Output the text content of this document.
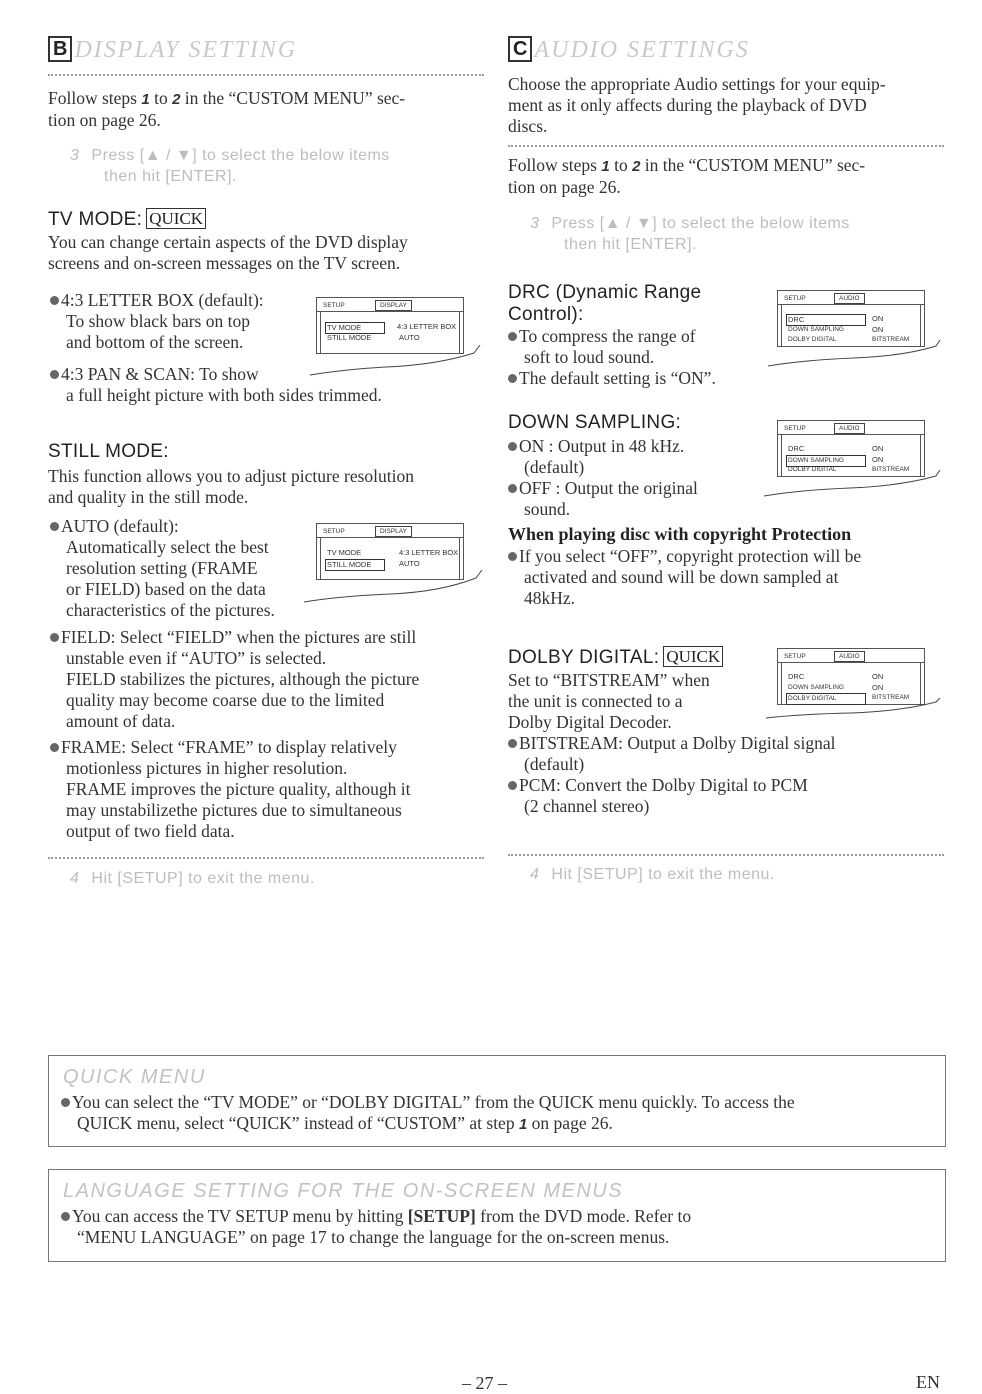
B DISPLAY SETTING
Follow steps 1 to 2 in the “CUSTOM MENU” sec-
tion on page 26.
3 Press [▲ / ▼] to select the below items
then hit [ENTER].
TV MODE: QUICK
You can change certain aspects of the DVD display
screens and on-screen messages on the TV screen.
4:3 LETTER BOX (default):
To show black bars on top
and bottom of the screen.
4:3 PAN & SCAN: To show
a full height picture with both sides trimmed.
SETUP	DISPLAY
TV MODE	4:3 LETTER BOX
STILL MODE	AUTO
STILL MODE:
This function allows you to adjust picture resolution
and quality in the still mode.
AUTO (default):
Automatically select the best
resolution setting (FRAME
or FIELD) based on the data
characteristics of the pictures.
SETUP	DISPLAY
TV MODE	4:3 LETTER BOX
STILL MODE	AUTO
FIELD: Select “FIELD” when the pictures are still
unstable even if “AUTO” is selected.
FIELD stabilizes the pictures, although the picture
quality may become coarse due to the limited
amount of data.
FRAME: Select “FRAME” to display relatively
motionless pictures in higher resolution.
FRAME improves the picture quality, although it
may unstabilizethe pictures due to simultaneous
output of two field data.
4 Hit [SETUP] to exit the menu.
C AUDIO SETTINGS
Choose the appropriate Audio settings for your equip-
ment as it only affects during the playback of DVD
discs.
Follow steps 1 to 2 in the “CUSTOM MENU” sec-
tion on page 26.
3 Press [▲ / ▼] to select the below items
then hit [ENTER].
DRC (Dynamic Range
Control):
To compress the range of
soft to loud sound.
The default setting is “ON”.
SETUP	AUDIO
DRC	ON
DOWN SAMPLING	ON
DOLBY DIGITAL	BITSTREAM
DOWN SAMPLING:
ON : Output in 48 kHz.
(default)
OFF : Output the original
sound.
SETUP	AUDIO
DRC	ON
DOWN SAMPLING	ON
DOLBY DIGITAL	BITSTREAM
When playing disc with copyright Protection
If you select “OFF”, copyright protection will be
activated and sound will be down sampled at
48kHz.
DOLBY DIGITAL: QUICK
Set to “BITSTREAM” when
the unit is connected to a
Dolby Digital Decoder.
BITSTREAM: Output a Dolby Digital signal
(default)
PCM: Convert the Dolby Digital to PCM
(2 channel stereo)
SETUP	AUDIO
DRC	ON
DOWN SAMPLING	ON
DOLBY DIGITAL	BITSTREAM
4 Hit [SETUP] to exit the menu.
QUICK MENU
You can select the “TV MODE” or “DOLBY DIGITAL” from the QUICK menu quickly. To access the
QUICK menu, select “QUICK” instead of “CUSTOM” at step 1 on page 26.
LANGUAGE SETTING FOR THE ON-SCREEN MENUS
You can access the TV SETUP menu by hitting [SETUP] from the DVD mode. Refer to
“MENU LANGUAGE” on page 17 to change the language for the on-screen menus.
– 27 –	EN
